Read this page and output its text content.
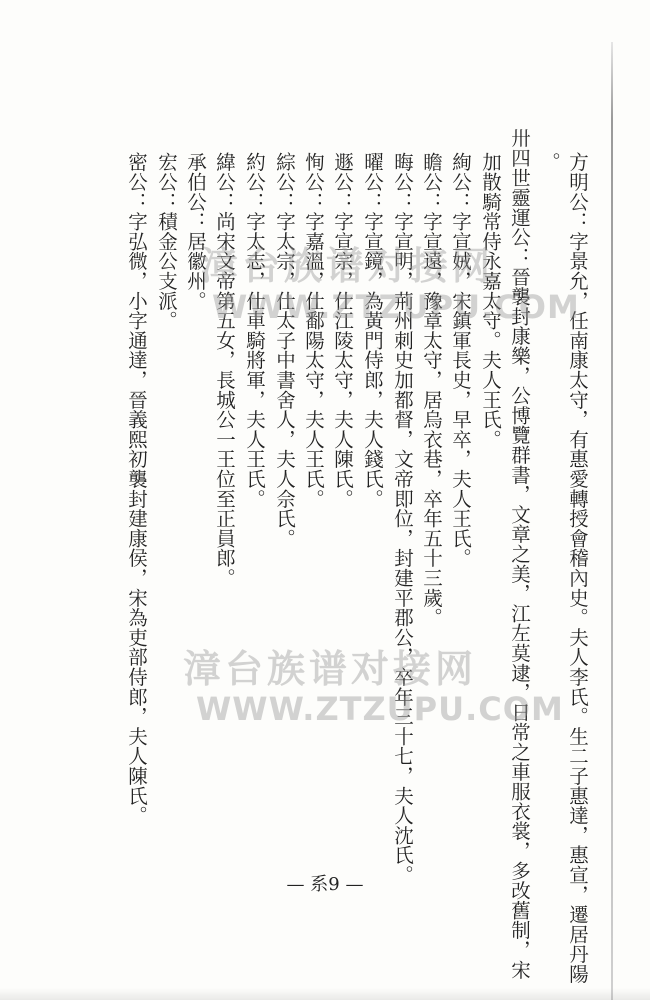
方明公：字景允，任南康太守，有惠愛轉授會稽內史。夫人李氏。生二子惠達，惠宣，遷居丹陽
。
卅四世靈運公：晉襲封康樂，公博覽群書，文章之美，江左莫逮，日常之車服衣裳，多改舊制，宋
加散騎常侍永嘉太守。夫人王氏。
絢公：字宣娀，宋鎮軍長史，早卒，夫人王氏。
瞻公：字宣遠，豫章太守，居烏衣巷，卒年五十三歲。
晦公：字宣明，荊州刺史加都督，文帝即位，封建平郡公，卒年三十七，夫人沈氏。
曜公：字宣鏡，為黃門侍郎，夫人錢氏。
遯公：字宣宗，仕江陵太守，夫人陳氏。
恂公：字嘉溫，仕鄱陽太守，夫人王氏。
綜公：字太宗，仕太子中書舍人，夫人佘氏。
約公：字太志，仕車騎將軍，夫人王氏。
緯公：尚宋文帝第五女，長城公一王位至正員郎。
承伯公：居徽州。
宏公：積金公支派。
密公：字弘微，小字通達，晉義熙初襲封建康侯，宋為吏部侍郎，夫人陳氏。 漳台族谱对接网
WWW.ZTZUPU.COM
漳台族谱对接网
WWW.ZTZUPU.COM
— 系9 —
